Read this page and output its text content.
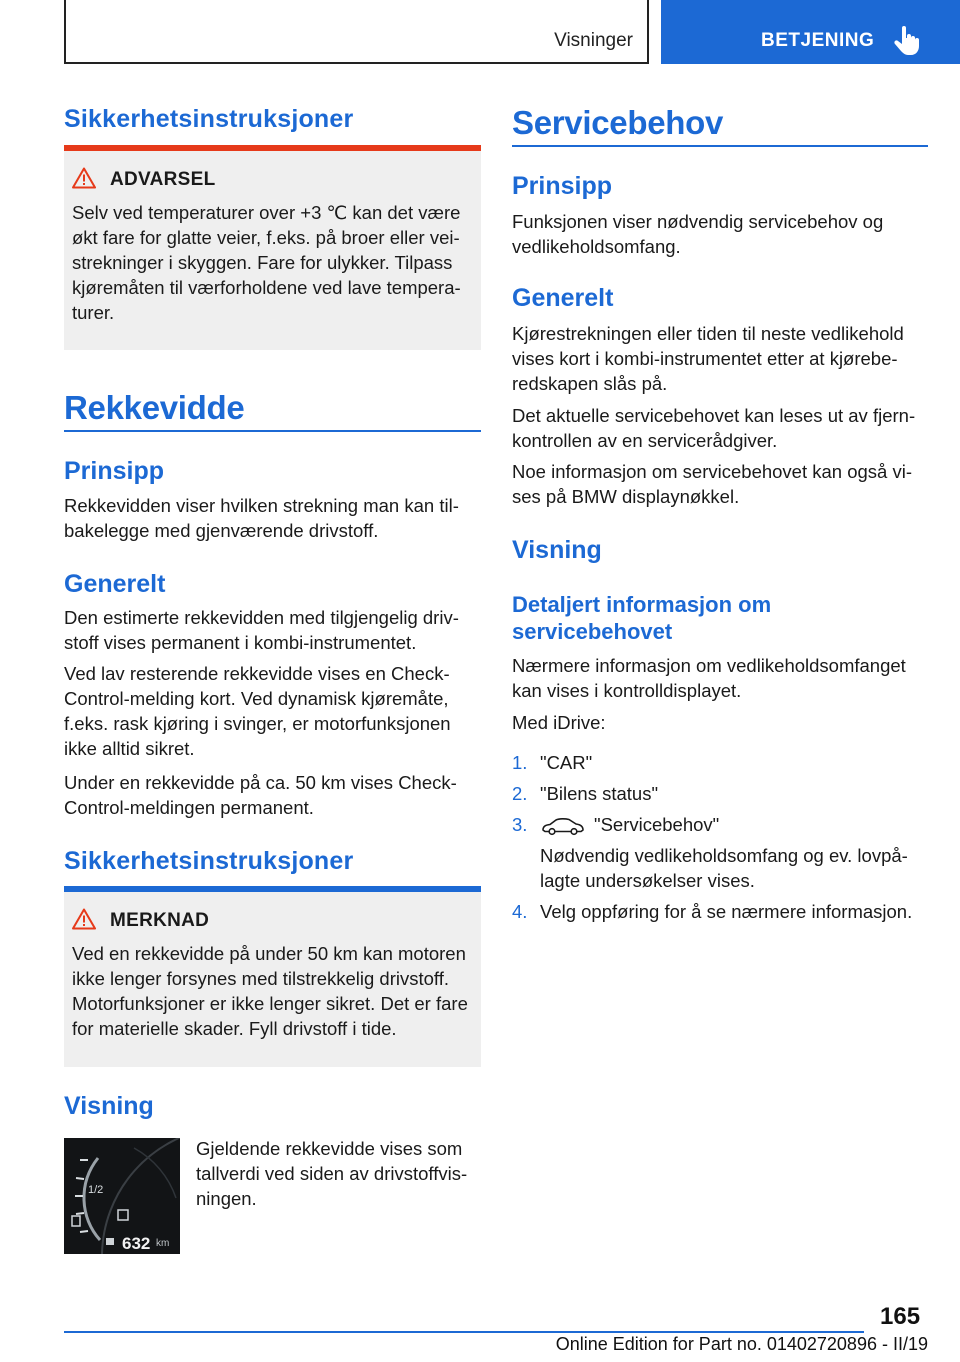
Visninger	BETJENING
Sikkerhetsinstruksjoner
ADVARSEL
Selv ved temperaturer over +3 ℃ kan det være økt fare for glatte veier, f.eks. på broer eller veistrekninger i skyggen. Fare for ulykker. Tilpass kjøremåten til værforholdene ved lave temperaturer.
Rekkevidde
Prinsipp

Rekkevidden viser hvilken strekning man kan tilbakelegge med gjenværende drivstoff.

Generelt

Den estimerte rekkevidden med tilgjengelig drivstoff vises permanent i kombi-instrumentet.

Ved lav resterende rekkevidde vises en Check-Control-melding kort. Ved dynamisk kjøremåte, f.eks. rask kjøring i svinger, er motorfunksjonen ikke alltid sikret.

Under en rekkevidde på ca. 50 km vises Check-Control-meldingen permanent.

Sikkerhetsinstruksjoner
MERKNAD
Ved en rekkevidde på under 50 km kan motoren ikke lenger forsynes med tilstrekkelig drivstoff. Motorfunksjoner er ikke lenger sikret. Det er fare for materielle skader. Fyll drivstoff i tide.
Visning
1/2
632 km

Gjeldende rekkevidde vises som tallverdi ved siden av drivstoffvisningen.

Servicebehov
Prinsipp

Funksjonen viser nødvendig servicebehov og vedlikeholdsomfang.

Generelt

Kjørestrekningen eller tiden til neste vedlikehold vises kort i kombi-instrumentet etter at kjøreberedskapen slås på.

Det aktuelle servicebehovet kan leses ut av fjernkontrollen av en servicerådgiver.

Noe informasjon om servicebehovet kan også vises på BMW displaynøkkel.

Visning
Detaljert informasjon om servicebehovet

Nærmere informasjon om vedlikeholdsomfanget kan vises i kontrolldisplayet.

Med iDrive:

1. "CAR"
2. "Bilens status"
3.	"Servicebehov"
Nødvendig vedlikeholdsomfang og ev. lovpålagte undersøkelser vises.
4. Velg oppføring for å se nærmere informasjon.
165
Online Edition for Part no. 01402720896 - II/19
